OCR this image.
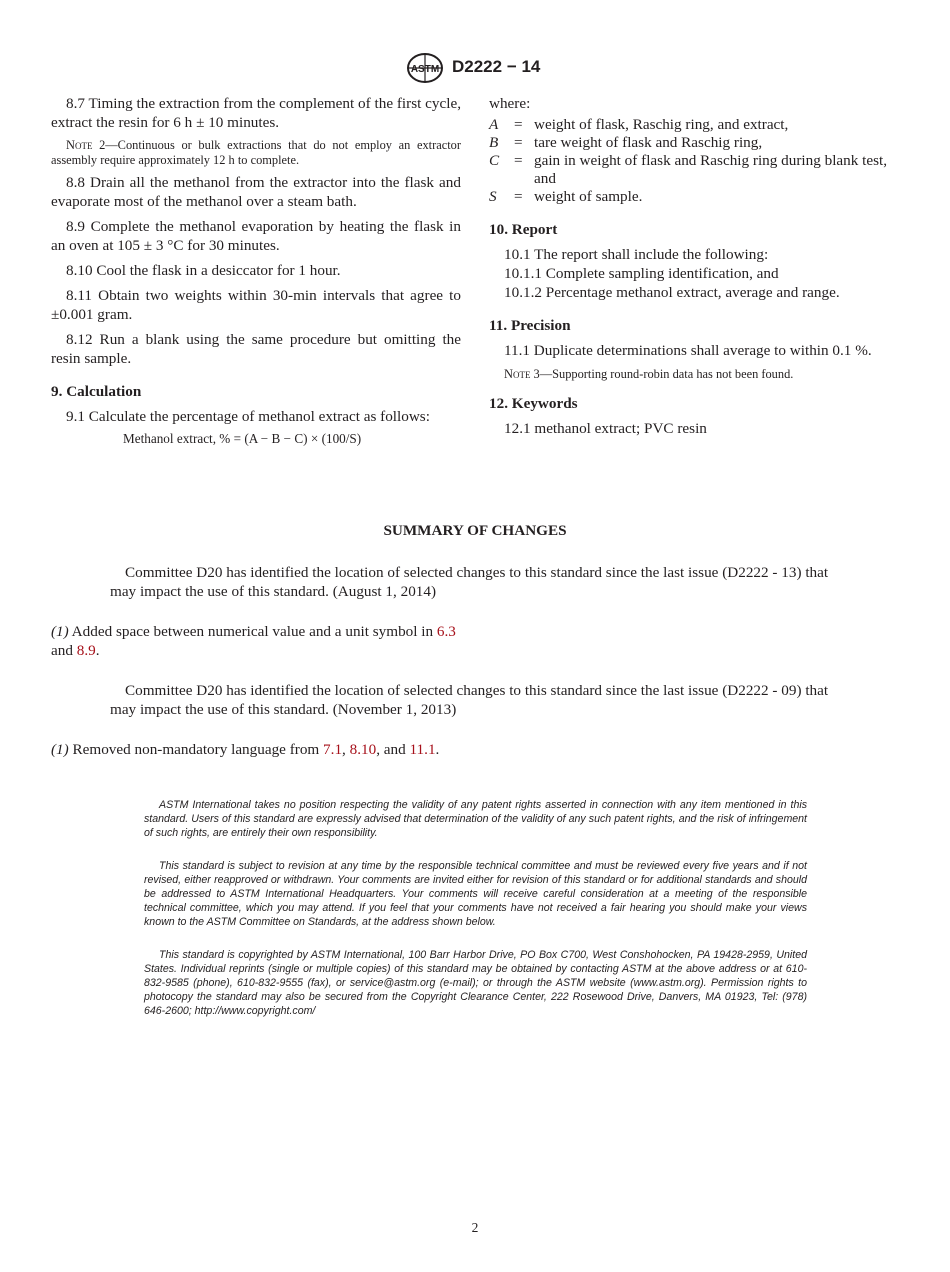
ASTM D2222 − 14

8.7 Timing the extraction from the complement of the first cycle, extract the resin for 6 h ± 10 minutes.

Note 2—Continuous or bulk extractions that do not employ an extractor assembly require approximately 12 h to complete.

8.8 Drain all the methanol from the extractor into the flask and evaporate most of the methanol over a steam bath.

8.9 Complete the methanol evaporation by heating the flask in an oven at 105 ± 3 °C for 30 minutes.

8.10 Cool the flask in a desiccator for 1 hour.

8.11 Obtain two weights within 30-min intervals that agree to ±0.001 gram.

8.12 Run a blank using the same procedure but omitting the resin sample.

9. Calculation

9.1 Calculate the percentage of methanol extract as follows:

Methanol extract, % = (A − B − C) × (100/S)
where:
A = weight of flask, Raschig ring, and extract,
B = tare weight of flask and Raschig ring,
C = gain in weight of flask and Raschig ring during blank test, and
S = weight of sample.
10. Report

10.1 The report shall include the following:

10.1.1 Complete sampling identification, and

10.1.2 Percentage methanol extract, average and range.

11. Precision

11.1 Duplicate determinations shall average to within 0.1 %.

Note 3—Supporting round-robin data has not been found.

12. Keywords

12.1 methanol extract; PVC resin

SUMMARY OF CHANGES

Committee D20 has identified the location of selected changes to this standard since the last issue (D2222 - 13) that may impact the use of this standard. (August 1, 2014)

(1) Added space between numerical value and a unit symbol in 6.3 and 8.9.

Committee D20 has identified the location of selected changes to this standard since the last issue (D2222 - 09) that may impact the use of this standard. (November 1, 2013)

(1) Removed non-mandatory language from 7.1, 8.10, and 11.1.

ASTM International takes no position respecting the validity of any patent rights asserted in connection with any item mentioned in this standard. Users of this standard are expressly advised that determination of the validity of any such patent rights, and the risk of infringement of such rights, are entirely their own responsibility.

This standard is subject to revision at any time by the responsible technical committee and must be reviewed every five years and if not revised, either reapproved or withdrawn. Your comments are invited either for revision of this standard or for additional standards and should be addressed to ASTM International Headquarters. Your comments will receive careful consideration at a meeting of the responsible technical committee, which you may attend. If you feel that your comments have not received a fair hearing you should make your views known to the ASTM Committee on Standards, at the address shown below.

This standard is copyrighted by ASTM International, 100 Barr Harbor Drive, PO Box C700, West Conshohocken, PA 19428-2959, United States. Individual reprints (single or multiple copies) of this standard may be obtained by contacting ASTM at the above address or at 610-832-9585 (phone), 610-832-9555 (fax), or service@astm.org (e-mail); or through the ASTM website (www.astm.org). Permission rights to photocopy the standard may also be secured from the Copyright Clearance Center, 222 Rosewood Drive, Danvers, MA 01923, Tel: (978) 646-2600; http://www.copyright.com/

2
